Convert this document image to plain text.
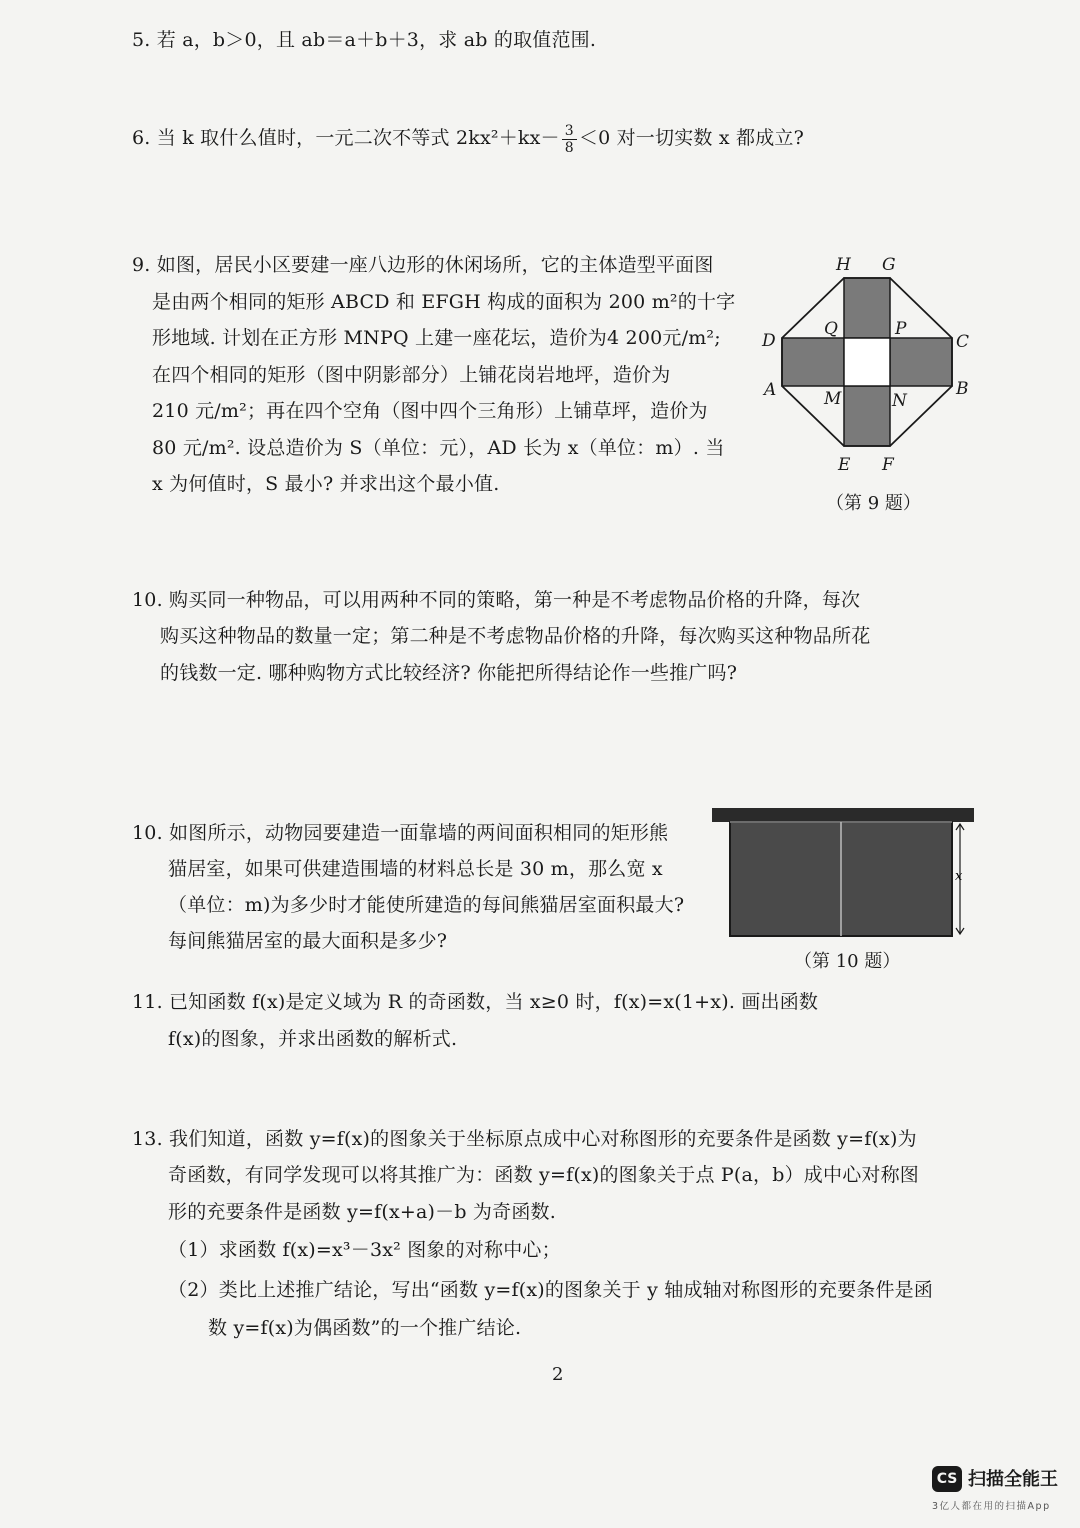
5. 若 a，b＞0，且 ab＝a＋b＋3，求 ab 的取值范围.
6. 当 k 取什么值时，一元二次不等式 $2kx^2+kx- \frac{3}{8} <0$ 对一切实数 x 都成立?
9. 如图，居民小区要建一座八边形的休闲场所，它的主体造型平面图
是由两个相同的矩形 ABCD 和 EFGH 构成的面积为 200 m²的十字
形地域. 计划在正方形 MNPQ 上建一座花坛，造价为4 200元/m²;
在四个相同的矩形（图中阴影部分）上铺花岗岩地坪，造价为
210 元/m²；再在四个空角（图中四个三角形）上铺草坪，造价为
80 元/m². 设总造价为 S（单位：元），AD 长为 x（单位：m）. 当
x 为何值时，S 最小? 并求出这个最小值.
H G
D	C
A	B
Q	P
M	N
E F
（第 9 题）
10. 购买同一种物品，可以用两种不同的策略，第一种是不考虑物品价格的升降，每次
购买这种物品的数量一定；第二种是不考虑物品价格的升降，每次购买这种物品所花
的钱数一定. 哪种购物方式比较经济? 你能把所得结论作一些推广吗?
10. 如图所示，动物园要建造一面靠墙的两间面积相同的矩形熊
猫居室，如果可供建造围墙的材料总长是 30 m，那么宽 x
（单位：m)为多少时才能使所建造的每间熊猫居室面积最大?
每间熊猫居室的最大面积是多少?
x
（第 10 题）
11. 已知函数 f(x)是定义域为 R 的奇函数，当 x≥0 时，f(x)=x(1+x). 画出函数
f(x)的图象，并求出函数的解析式.
13. 我们知道，函数 y=f(x)的图象关于坐标原点成中心对称图形的充要条件是函数 y=f(x)为
奇函数，有同学发现可以将其推广为：函数 y=f(x)的图象关于点 P(a，b）成中心对称图
形的充要条件是函数 y=f(x+a)－b 为奇函数.
（1）求函数 f(x)=x³－3x² 图象的对称中心；
（2）类比上述推广结论，写出“函数 y=f(x)的图象关于 y 轴成轴对称图形的充要条件是函
数 y=f(x)为偶函数”的一个推广结论.
2
CS 扫描全能王
3亿人都在用的扫描App
